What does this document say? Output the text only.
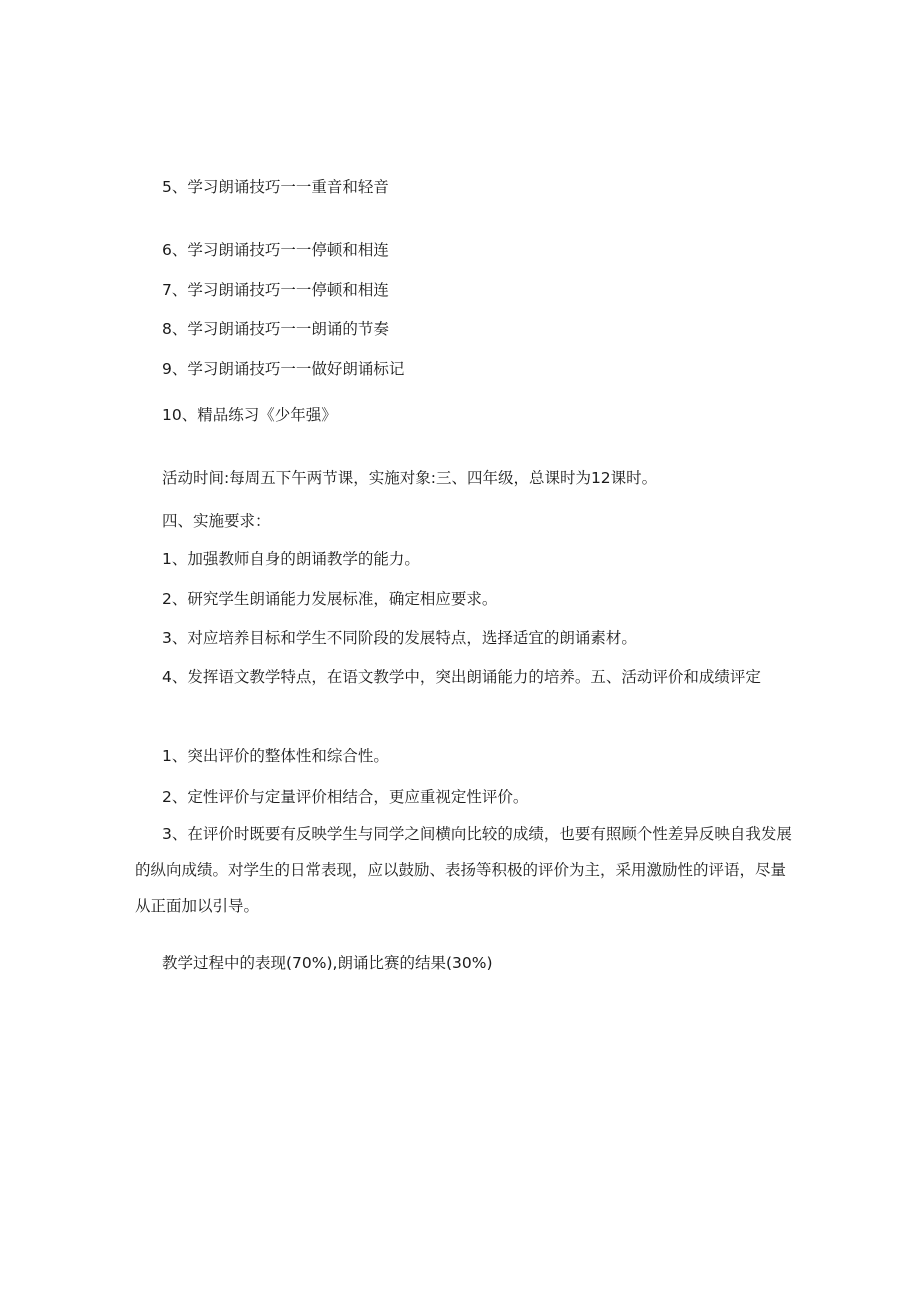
5、学习朗诵技巧一一重音和轻音
6、学习朗诵技巧一一停顿和相连
7、学习朗诵技巧一一停顿和相连
8、学习朗诵技巧一一朗诵的节奏
9、学习朗诵技巧一一做好朗诵标记
10、精品练习《少年强》
活动时间:每周五下午两节课，实施对象:三、四年级，总课时为12课时。
四、实施要求：
1、加强教师自身的朗诵教学的能力。
2、研究学生朗诵能力发展标准，确定相应要求。
3、对应培养目标和学生不同阶段的发展特点，选择适宜的朗诵素材。
4、发挥语文教学特点，在语文教学中，突出朗诵能力的培养。五、活动评价和成绩评定
1、突出评价的整体性和综合性。
2、定性评价与定量评价相结合，更应重视定性评价。
3、在评价时既要有反映学生与同学之间横向比较的成绩，也要有照顾个性差异反映自我发展的纵向成绩。对学生的日常表现，应以鼓励、表扬等积极的评价为主，采用激励性的评语，尽量从正面加以引导。
教学过程中的表现(70%),朗诵比赛的结果(30%)
